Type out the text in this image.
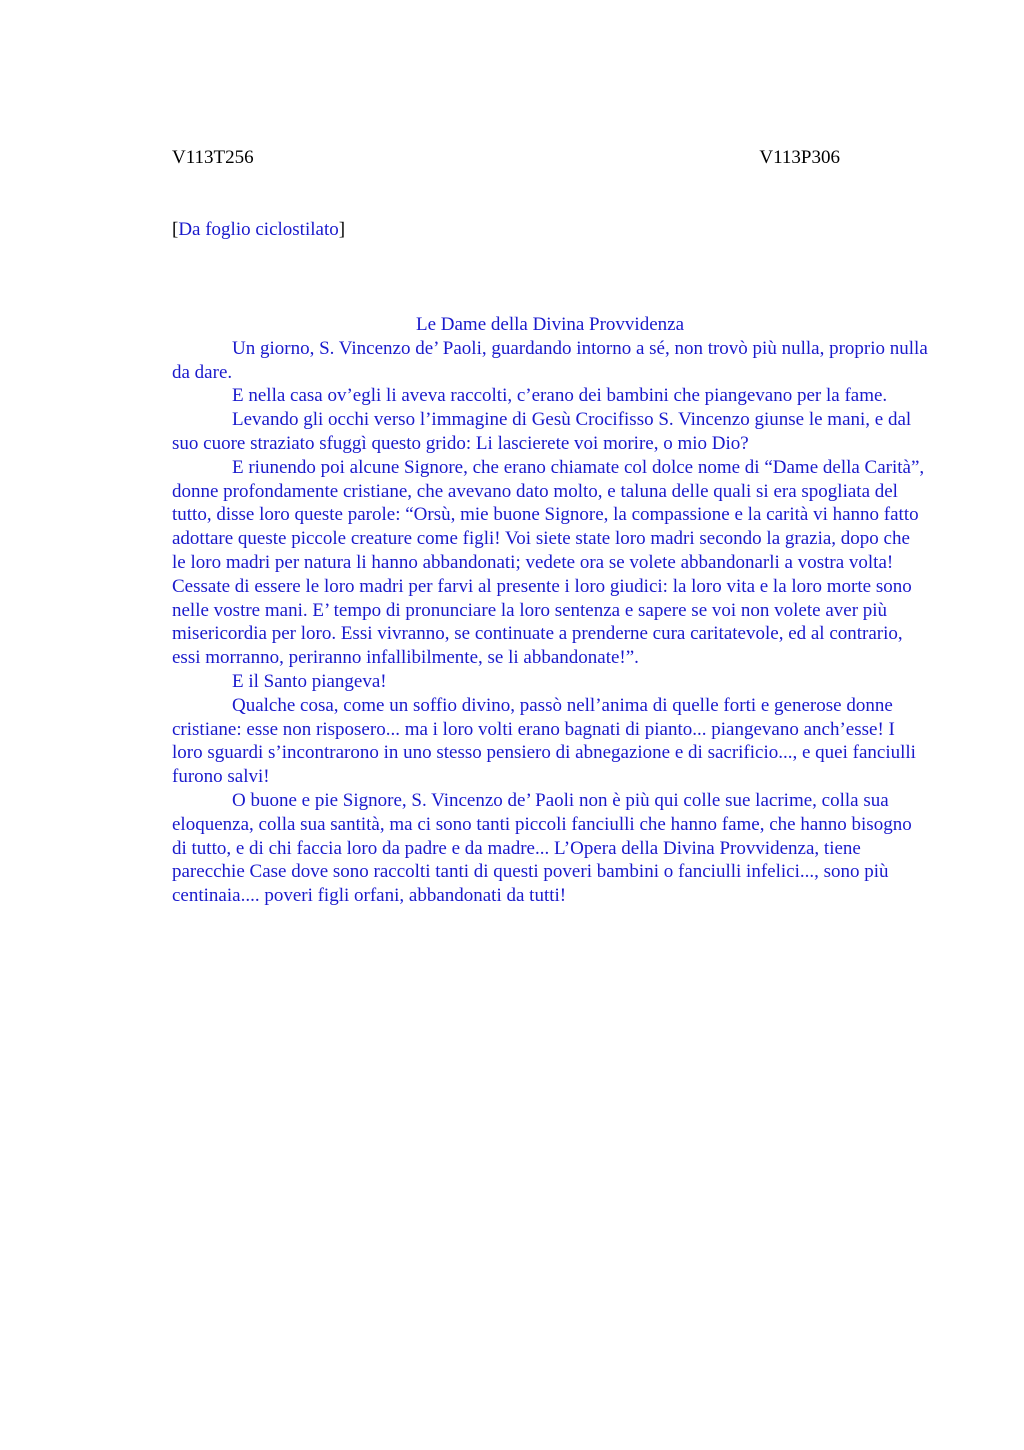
V113T256	V113P306
[Da foglio ciclostilato]
Le Dame della Divina Provvidenza

Un giorno, S. Vincenzo de’ Paoli, guardando intorno a sé, non trovò più nulla, proprio nulla da dare.

E nella casa ov’egli li aveva raccolti, c’erano dei bambini che piangevano per la fame.

Levando gli occhi verso l’immagine di Gesù Crocifisso S. Vincenzo giunse le mani, e dal suo cuore straziato sfuggì questo grido: Li lascierete voi morire, o mio Dio?

E riunendo poi alcune Signore, che erano chiamate col dolce nome di “Dame della Carità”, donne profondamente cristiane, che avevano dato molto, e taluna delle quali si era spogliata del tutto, disse loro queste parole: “Orsù, mie buone Signore, la compassione e la carità vi hanno fatto adottare queste piccole creature come figli! Voi siete state loro madri secondo la grazia, dopo che le loro madri per natura li hanno abbandonati; vedete ora se volete abbandonarli a vostra volta! Cessate di essere le loro madri per farvi al presente i loro giudici: la loro vita e la loro morte sono nelle vostre mani. E’ tempo di pronunciare la loro sentenza e sapere se voi non volete aver più misericordia per loro. Essi vivranno, se continuate a prenderne cura caritatevole, ed al contrario, essi morranno, periranno infallibilmente, se li abbandonate!”.

E il Santo piangeva!

Qualche cosa, come un soffio divino, passò nell’anima di quelle forti e generose donne cristiane: esse non risposero... ma i loro volti erano bagnati di pianto... piangevano anch’esse! I loro sguardi s’incontrarono in uno stesso pensiero di abnegazione e di sacrificio..., e quei fanciulli furono salvi!

O buone e pie Signore, S. Vincenzo de’ Paoli non è più qui colle sue lacrime, colla sua eloquenza, colla sua santità, ma ci sono tanti piccoli fanciulli che hanno fame, che hanno bisogno di tutto, e di chi faccia loro da padre e da madre... L’Opera della Divina Provvidenza, tiene parecchie Case dove sono raccolti tanti di questi poveri bambini o fanciulli infelici..., sono più centinaia.... poveri figli orfani, abbandonati da tutti!
